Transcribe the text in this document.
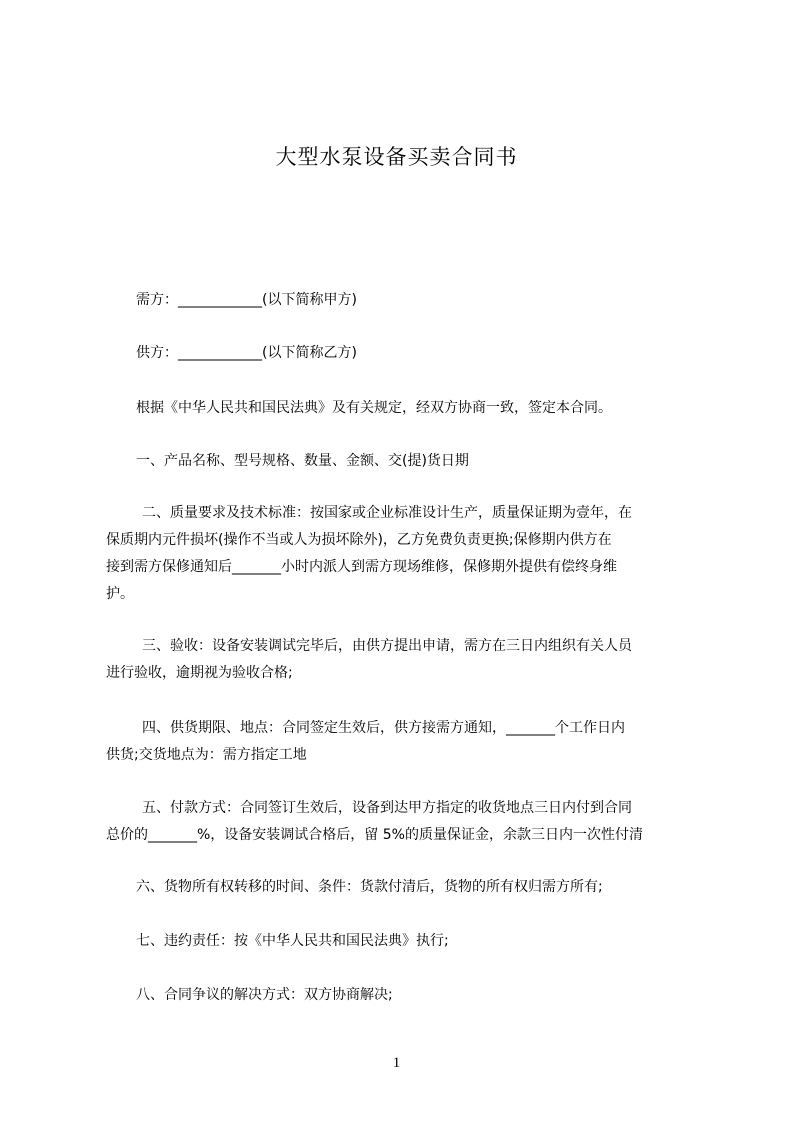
大型水泵设备买卖合同书
需方：____________(以下简称甲方)
供方：____________(以下简称乙方)
根据《中华人民共和国民法典》及有关规定，经双方协商一致，签定本合同。
一、产品名称、型号规格、数量、金额、交(提)货日期
二、质量要求及技术标准：按国家或企业标准设计生产，质量保证期为壹年，在
保质期内元件损坏(操作不当或人为损坏除外)，乙方免费负责更换;保修期内供方在
接到需方保修通知后_______小时内派人到需方现场维修，保修期外提供有偿终身维
护。
三、验收：设备安装调试完毕后，由供方提出申请，需方在三日内组织有关人员
进行验收，逾期视为验收合格;
四、供货期限、地点：合同签定生效后，供方接需方通知，_______个工作日内
供货;交货地点为：需方指定工地
五、付款方式：合同签订生效后，设备到达甲方指定的收货地点三日内付到合同
总价的_______%，设备安装调试合格后，留 5%的质量保证金，余款三日内一次性付清
六、货物所有权转移的时间、条件：货款付清后，货物的所有权归需方所有;
七、违约责任：按《中华人民共和国民法典》执行;
八、合同争议的解决方式：双方协商解决;
1
